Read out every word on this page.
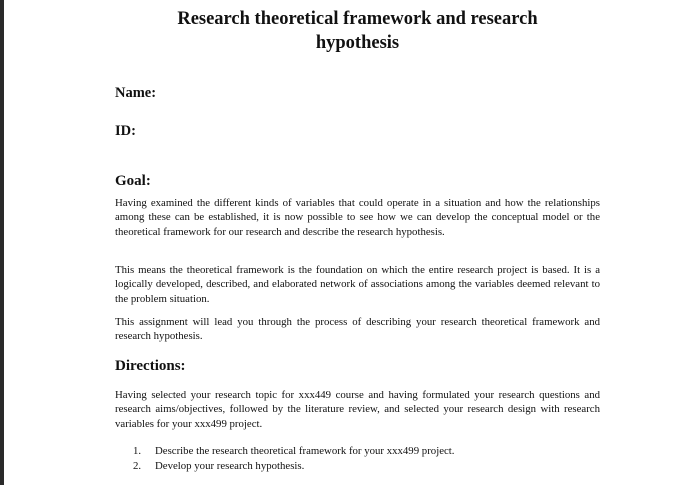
Research theoretical framework and research
hypothesis

Name:

ID:

Goal:

Having examined the different kinds of variables that could operate in a situation and how the relationships among these can be established, it is now possible to see how we can develop the conceptual model or the theoretical framework for our research and describe the research hypothesis.

This means the theoretical framework is the foundation on which the entire research project is based. It is a logically developed, described, and elaborated network of associations among the variables deemed relevant to the problem situation.

This assignment will lead you through the process of describing your research theoretical framework and research hypothesis.

Directions:

Having selected your research topic for xxx449 course and having formulated your research questions and research aims/objectives, followed by the literature review, and selected your research design with research variables for your xxx499 project.

1.	Describe the research theoretical framework for your xxx499 project.
2.	Develop your research hypothesis.
